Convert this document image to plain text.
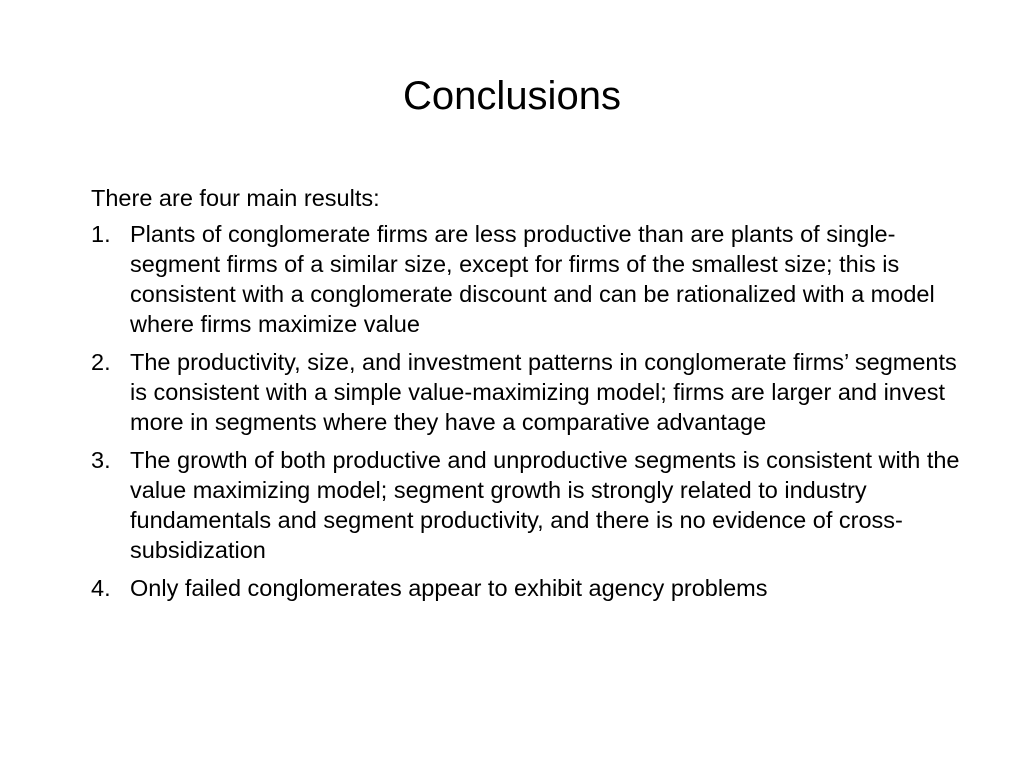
Conclusions

There are four main results:

1. Plants of conglomerate firms are less productive than are plants of single-segment firms of a similar size, except for firms of the smallest size; this is consistent with a conglomerate discount and can be rationalized with a model where firms maximize value
2. The productivity, size, and investment patterns in conglomerate firms’ segments is consistent with a simple value-maximizing model; firms are larger and invest more in segments where they have a comparative advantage
3. The growth of both productive and unproductive segments is consistent with the value maximizing model; segment growth is strongly related to industry fundamentals and segment productivity, and there is no evidence of cross-subsidization
4. Only failed conglomerates appear to exhibit agency problems
